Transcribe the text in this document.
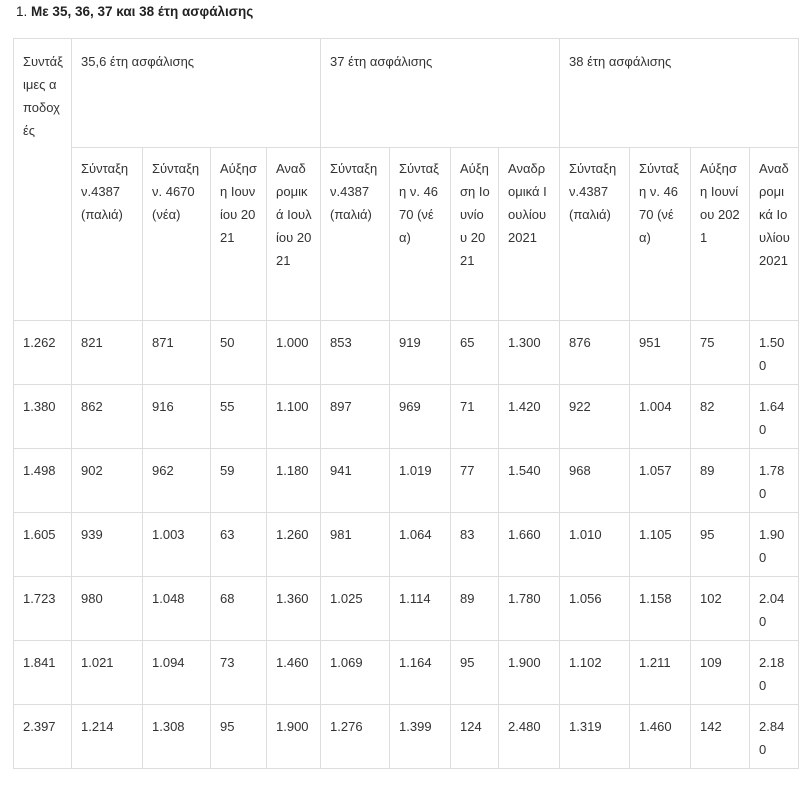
1. Με 35, 36, 37 και 38 έτη ασφάλισης
Συντάξιμες αποδοχές	35,6 έτη ασφάλισης				37 έτη ασφάλισης				38 έτη ασφάλισης			
	Σύνταξη ν.4387 (παλιά)	Σύνταξη ν. 4670 (νέα)	Αύξηση Ιουνίου 2021	Αναδρομικά Ιουλίου 2021	Σύνταξη ν.4387 (παλιά)	Σύνταξη ν. 4670 (νέα)	Αύξηση Ιουνίου 2021	Αναδρομικά Ιουλίου 2021	Σύνταξη ν.4387 (παλιά)	Σύνταξη ν. 4670 (νέα)	Αύξηση Ιουνίου 2021	Αναδρομικά Ιουλίου 2021
1.262	821	871	50	1.000	853	919	65	1.300	876	951	75	1.500
1.380	862	916	55	1.100	897	969	71	1.420	922	1.004	82	1.640
1.498	902	962	59	1.180	941	1.019	77	1.540	968	1.057	89	1.780
1.605	939	1.003	63	1.260	981	1.064	83	1.660	1.010	1.105	95	1.900
1.723	980	1.048	68	1.360	1.025	1.114	89	1.780	1.056	1.158	102	2.040
1.841	1.021	1.094	73	1.460	1.069	1.164	95	1.900	1.102	1.211	109	2.180
2.397	1.214	1.308	95	1.900	1.276	1.399	124	2.480	1.319	1.460	142	2.840
